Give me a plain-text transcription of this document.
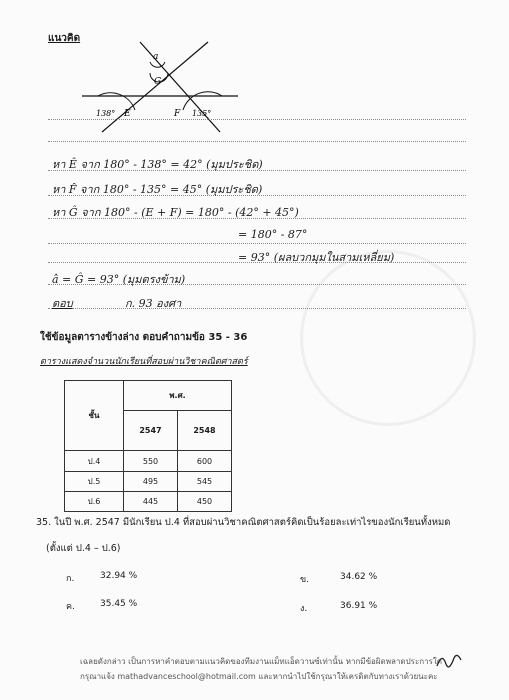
แนวคิด
a
G
138° E	F 135°
หา Ê จาก 180° - 138° = 42° (มุมประชิด)
หา F̂ จาก 180° - 135° = 45° (มุมประชิด)
หา Ĝ จาก 180° - (E + F) = 180° - (42° + 45°)
= 180° - 87°
= 93° (ผลบวกมุมในสามเหลี่ยม)
â = Ĝ = 93° (มุมตรงข้าม)
ตอบ	ก. 93 องศา
ใช้ข้อมูลตารางข้างล่าง ตอบคำถามข้อ 35 - 36
ตารางแสดงจำนวนนักเรียนที่สอบผ่านวิชาคณิตศาสตร์
ชั้น	พ.ศ.	
	2547	2548
ป.4	550	600
ป.5	495	545
ป.6	445	450
35. ในปี พ.ศ. 2547 มีนักเรียน ป.4 ที่สอบผ่านวิชาคณิตศาสตร์คิดเป็นร้อยละเท่าไรของนักเรียนทั้งหมด
(ตั้งแต่ ป.4 – ป.6)
ก.	32.94 %	ข.	34.62 %
ค.	35.45 %	ง.	36.91 %
เฉลยดังกล่าว เป็นการหาคำตอบตามแนวคิดของทีมงานแม็ทแอ็ดวานซ์เท่านั้น หากมีข้อผิดพลาดประการใด
กรุณาแจ้ง mathadvanceschool@hotmail.com และหากนำไปใช้กรุณาให้เครดิตกับทางเราด้วยนะคะ
